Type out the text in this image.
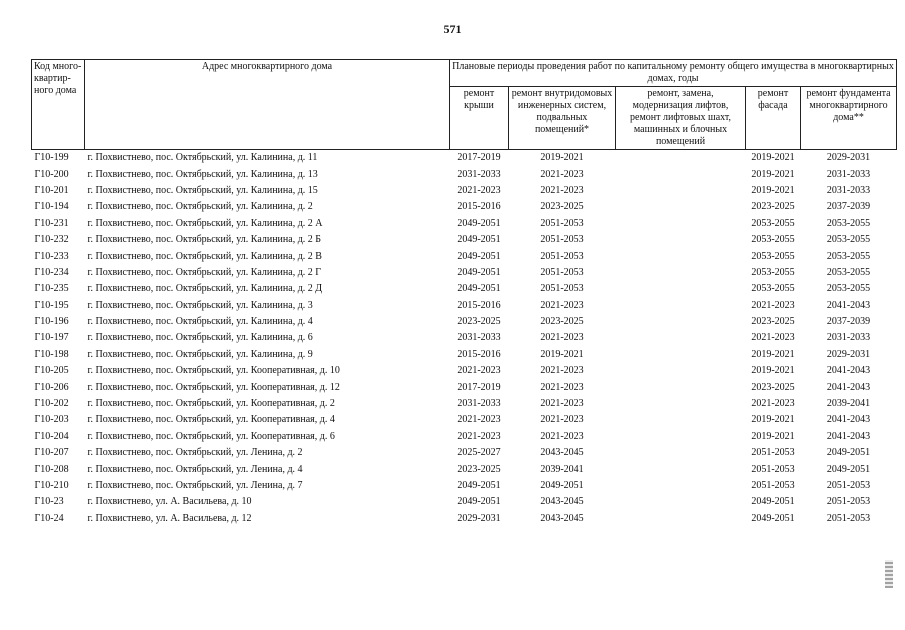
571
Код много-квартир-ного дома	Адрес многоквартирного дома	Плановые периоды проведения работ по капитальному ремонту общего имущества в многоквартирных домах, годы				
		ремонт крыши	ремонт внутридомовых инженерных систем, подвальных помещений*	ремонт, замена, модернизация лифтов, ремонт лифтовых шахт, машинных и блочных помещений	ремонт фасада	ремонт фундамента многоквартирного дома**
Г10-199	г. Похвистнево, пос. Октябрьский, ул. Калинина, д. 11	2017-2019	2019-2021		2019-2021	2029-2031
Г10-200	г. Похвистнево, пос. Октябрьский, ул. Калинина, д. 13	2031-2033	2021-2023		2019-2021	2031-2033
Г10-201	г. Похвистнево, пос. Октябрьский, ул. Калинина, д. 15	2021-2023	2021-2023		2019-2021	2031-2033
Г10-194	г. Похвистнево, пос. Октябрьский, ул. Калинина, д. 2	2015-2016	2023-2025		2023-2025	2037-2039
Г10-231	г. Похвистнево, пос. Октябрьский, ул. Калинина, д. 2 А	2049-2051	2051-2053		2053-2055	2053-2055
Г10-232	г. Похвистнево, пос. Октябрьский, ул. Калинина, д. 2 Б	2049-2051	2051-2053		2053-2055	2053-2055
Г10-233	г. Похвистнево, пос. Октябрьский, ул. Калинина, д. 2 В	2049-2051	2051-2053		2053-2055	2053-2055
Г10-234	г. Похвистнево, пос. Октябрьский, ул. Калинина, д. 2 Г	2049-2051	2051-2053		2053-2055	2053-2055
Г10-235	г. Похвистнево, пос. Октябрьский, ул. Калинина, д. 2 Д	2049-2051	2051-2053		2053-2055	2053-2055
Г10-195	г. Похвистнево, пос. Октябрьский, ул. Калинина, д. 3	2015-2016	2021-2023		2021-2023	2041-2043
Г10-196	г. Похвистнево, пос. Октябрьский, ул. Калинина, д. 4	2023-2025	2023-2025		2023-2025	2037-2039
Г10-197	г. Похвистнево, пос. Октябрьский, ул. Калинина, д. 6	2031-2033	2021-2023		2021-2023	2031-2033
Г10-198	г. Похвистнево, пос. Октябрьский, ул. Калинина, д. 9	2015-2016	2019-2021		2019-2021	2029-2031
Г10-205	г. Похвистнево, пос. Октябрьский, ул. Кооперативная, д. 10	2021-2023	2021-2023		2019-2021	2041-2043
Г10-206	г. Похвистнево, пос. Октябрьский, ул. Кооперативная, д. 12	2017-2019	2021-2023		2023-2025	2041-2043
Г10-202	г. Похвистнево, пос. Октябрьский, ул. Кооперативная, д. 2	2031-2033	2021-2023		2021-2023	2039-2041
Г10-203	г. Похвистнево, пос. Октябрьский, ул. Кооперативная, д. 4	2021-2023	2021-2023		2019-2021	2041-2043
Г10-204	г. Похвистнево, пос. Октябрьский, ул. Кооперативная, д. 6	2021-2023	2021-2023		2019-2021	2041-2043
Г10-207	г. Похвистнево, пос. Октябрьский, ул. Ленина, д. 2	2025-2027	2043-2045		2051-2053	2049-2051
Г10-208	г. Похвистнево, пос. Октябрьский, ул. Ленина, д. 4	2023-2025	2039-2041		2051-2053	2049-2051
Г10-210	г. Похвистнево, пос. Октябрьский, ул. Ленина, д. 7	2049-2051	2049-2051		2051-2053	2051-2053
Г10-23	г. Похвистнево, ул. А. Васильева, д. 10	2049-2051	2043-2045		2049-2051	2051-2053
Г10-24	г. Похвистнево, ул. А. Васильева, д. 12	2029-2031	2043-2045		2049-2051	2051-2053
